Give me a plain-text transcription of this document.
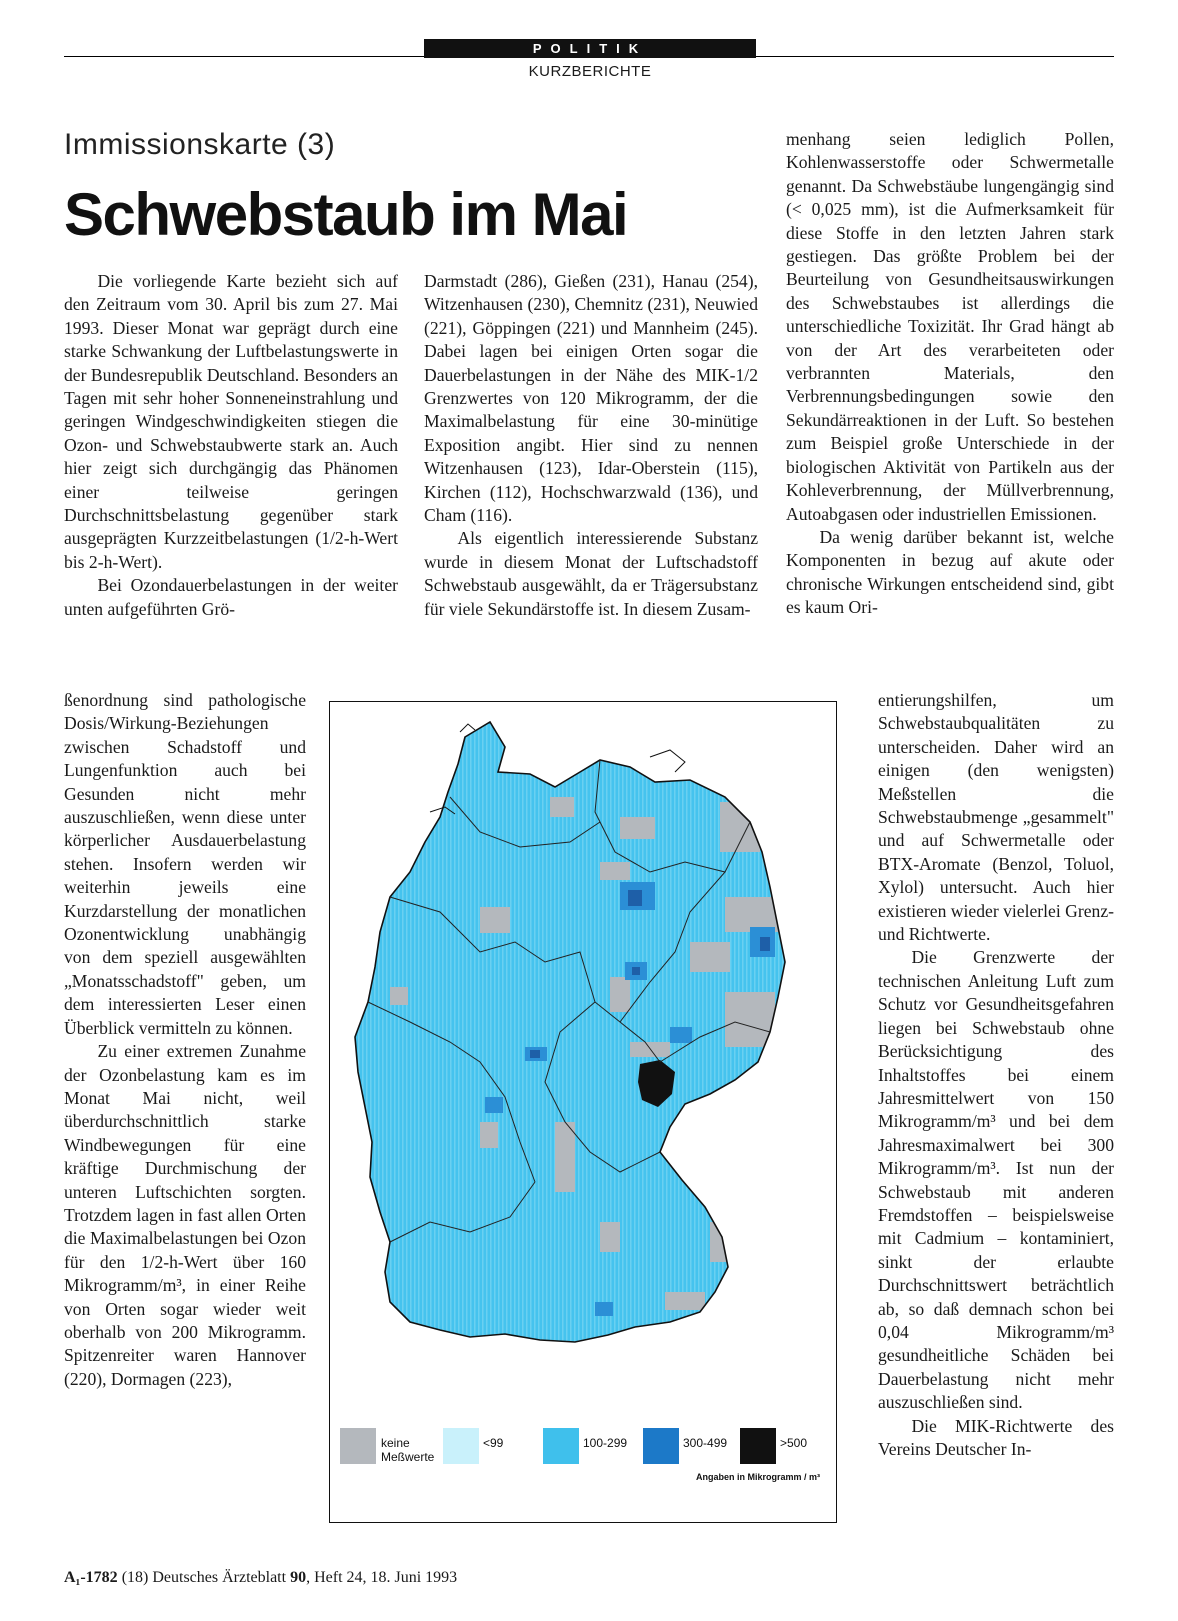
POLITIK
KURZBERICHTE
Immissionskarte (3)
Schwebstaub im Mai

Die vorliegende Karte bezieht sich auf den Zeitraum vom 30. April bis zum 27. Mai 1993. Dieser Monat war geprägt durch eine starke Schwankung der Luftbelastungswerte in der Bundesrepublik Deutschland. Besonders an Tagen mit sehr hoher Sonneneinstrahlung und geringen Windgeschwindigkeiten stiegen die Ozon- und Schwebstaubwerte stark an. Auch hier zeigt sich durchgängig das Phänomen einer teilweise geringen Durchschnittsbelastung gegenüber stark ausgeprägten Kurzzeitbelastungen (1/2-h-Wert bis 2-h-Wert).

Bei Ozondauerbelastungen in der weiter unten aufgeführten Grö-

ßenordnung sind pathologische Dosis/Wirkung-Beziehungen zwischen Schadstoff und Lungenfunktion auch bei Gesunden nicht mehr auszuschließen, wenn diese unter körperlicher Ausdauerbelastung stehen. Insofern werden wir weiterhin jeweils eine Kurzdarstellung der monatlichen Ozonentwicklung unabhängig von dem speziell ausgewählten „Monatsschadstoff" geben, um dem interessierten Leser einen Überblick vermitteln zu können.

Zu einer extremen Zunahme der Ozonbelastung kam es im Monat Mai nicht, weil überdurchschnittlich starke Windbewegungen für eine kräftige Durchmischung der unteren Luftschichten sorgten. Trotzdem lagen in fast allen Orten die Maximalbelastungen bei Ozon für den 1/2-h-Wert über 160 Mikrogramm/m³, in einer Reihe von Orten sogar wieder weit oberhalb von 200 Mikrogramm. Spitzenreiter waren Hannover (220), Dormagen (223),

Darmstadt (286), Gießen (231), Hanau (254), Witzenhausen (230), Chemnitz (231), Neuwied (221), Göppingen (221) und Mannheim (245). Dabei lagen bei einigen Orten sogar die Dauerbelastungen in der Nähe des MIK-1/2 Grenzwertes von 120 Mikrogramm, der die Maximalbelastung für eine 30-minütige Exposition angibt. Hier sind zu nennen Witzenhausen (123), Idar-Oberstein (115), Kirchen (112), Hochschwarzwald (136), und Cham (116).

Als eigentlich interessierende Substanz wurde in diesem Monat der Luftschadstoff Schwebstaub ausgewählt, da er Trägersubstanz für viele Sekundärstoffe ist. In diesem Zusam-

menhang seien lediglich Pollen, Kohlenwasserstoffe oder Schwermetalle genannt. Da Schwebstäube lungengängig sind (< 0,025 mm), ist die Aufmerksamkeit für diese Stoffe in den letzten Jahren stark gestiegen. Das größte Problem bei der Beurteilung von Gesundheitsauswirkungen des Schwebstaubes ist allerdings die unterschiedliche Toxizität. Ihr Grad hängt ab von der Art des verarbeiteten oder verbrannten Materials, den Verbrennungsbedingungen sowie den Sekundärreaktionen in der Luft. So bestehen zum Beispiel große Unterschiede in der biologischen Aktivität von Partikeln aus der Kohleverbrennung, der Müllverbrennung, Autoabgasen oder industriellen Emissionen.

Da wenig darüber bekannt ist, welche Komponenten in bezug auf akute oder chronische Wirkungen entscheidend sind, gibt es kaum Ori-

entierungshilfen, um Schwebstaubqualitäten zu unterscheiden. Daher wird an einigen (den wenigsten) Meßstellen die Schwebstaubmenge „gesammelt" und auf Schwermetalle oder BTX-Aromate (Benzol, Toluol, Xylol) untersucht. Auch hier existieren wieder vielerlei Grenz- und Richtwerte.

Die Grenzwerte der technischen Anleitung Luft zum Schutz vor Gesundheitsgefahren liegen bei Schwebstaub ohne Berücksichtigung des Inhaltstoffes bei einem Jahresmittelwert von 150 Mikrogramm/m³ und bei dem Jahresmaximalwert bei 300 Mikrogramm/m³. Ist nun der Schwebstaub mit anderen Fremdstoffen – beispielsweise mit Cadmium – kontaminiert, sinkt der erlaubte Durchschnittswert beträchtlich ab, so daß demnach schon bei 0,04 Mikrogramm/m³ gesundheitliche Schäden bei Dauerbelastung nicht mehr auszuschließen sind.

Die MIK-Richtwerte des Vereins Deutscher In-

keine Meßwerte
<99	100-299	300-499	>500
Angaben in Mikrogramm / m³
A₁-1782 (18) Deutsches Ärzteblatt 90, Heft 24, 18. Juni 1993
